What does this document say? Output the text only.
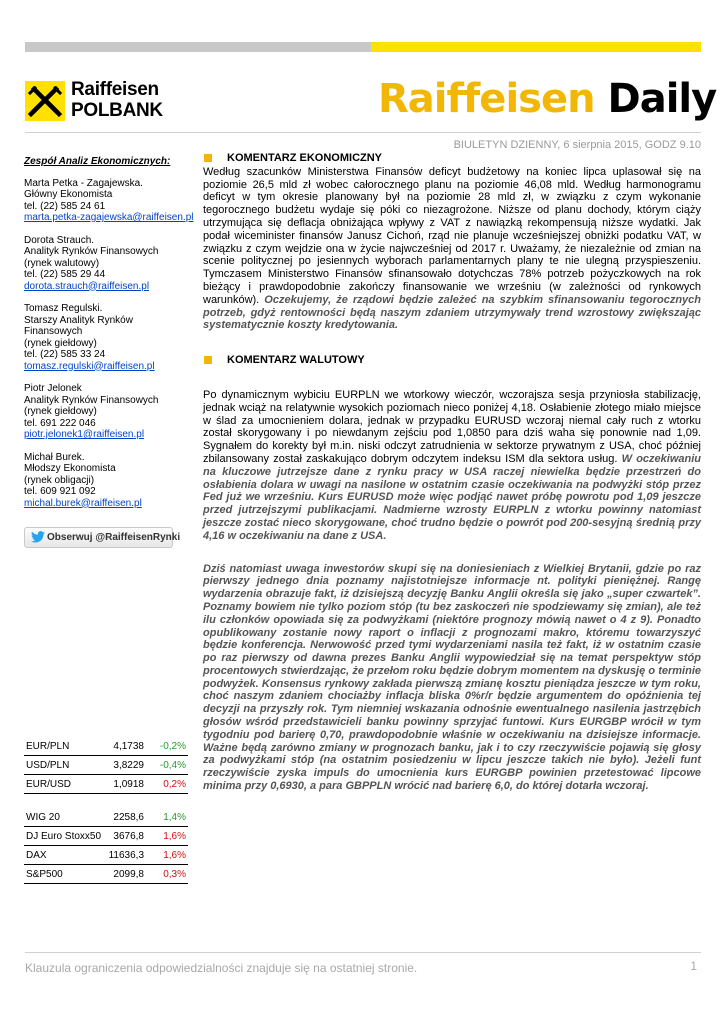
Raiffeisen
POLBANK	Raiffeisen Daily
BIULETYN DZIENNY, 6 sierpnia 2015, GODZ 9.10
Zespół Analiz Ekonomicznych:
Marta Petka - Zagajewska.
Główny Ekonomista
tel. (22) 585 24 61
marta.petka-zagajewska@raiffeisen.pl
Dorota Strauch.
Analityk Rynków Finansowych
(rynek walutowy)
tel. (22) 585 29 44
dorota.strauch@raiffeisen.pl
Tomasz Regulski.
Starszy Analityk Rynków Finansowych
(rynek giełdowy)
tel. (22) 585 33 24
tomasz.regulski@raiffeisen.pl
Piotr Jelonek
Analityk Rynków Finansowych
(rynek giełdowy)
tel. 691 222 046
piotr.jelonek1@raiffeisen.pl
Michał Burek.
Młodszy Ekonomista
(rynek obligacji)
tel. 609 921 092
michal.burek@raiffeisen.pl
Obserwuj @RaiffeisenRynki
EUR/PLN	4,1738 -0,2%
USD/PLN	3,8229 -0,4%
EUR/USD	1,0918 0,2%
WIG 20	2258,6 1,4%
DJ Euro Stoxx50 3676,8 1,6%
DAX	11636,3 1,6%
S&P500	2099,8 0,3%
KOMENTARZ EKONOMICZNY

Według szacunków Ministerstwa Finansów deficyt budżetowy na koniec lipca uplasował się na poziomie 26,5 mld zł wobec całorocznego planu na poziomie 46,08 mld. Według harmonogramu deficyt w tym okresie planowany był na poziomie 28 mld zł, w związku z czym wykonanie tegorocznego budżetu wydaje się póki co niezagrożone. Niższe od planu dochody, którym ciąży utrzymująca się deflacja obniżająca wpływy z VAT z nawiązką rekompensują niższe wydatki. Jak podał wiceminister finansów Janusz Cichoń, rząd nie planuje wcześniejszej obniżki podatku VAT, w związku z czym wejdzie ona w życie najwcześniej od 2017 r. Uważamy, że niezależnie od zmian na scenie politycznej po jesiennych wyborach parlamentarnych plany te nie ulegną przyspieszeniu. Tymczasem Ministerstwo Finansów sfinansowało dotychczas 78% potrzeb pożyczkowych na rok bieżący i prawdopodobnie zakończy finansowanie we wrześniu (w zależności od rynkowych warunków). Oczekujemy, że rządowi będzie zależeć na szybkim sfinansowaniu tegorocznych potrzeb, gdyż rentowności będą naszym zdaniem utrzymywały trend wzrostowy zwiększając systematycznie koszty kredytowania.

KOMENTARZ WALUTOWY

Po dynamicznym wybiciu EURPLN we wtorkowy wieczór, wczorajsza sesja przyniosła stabilizację, jednak wciąż na relatywnie wysokich poziomach nieco poniżej 4,18. Osłabienie złotego miało miejsce w ślad za umocnieniem dolara, jednak w przypadku EURUSD wczoraj niemal cały ruch z wtorku został skorygowany i po niewdanym zejściu pod 1,0850 para dziś waha się ponownie nad 1,09. Sygnałem do korekty był m.in. niski odczyt zatrudnienia w sektorze prywatnym z USA, choć później zbilansowany został zaskakująco dobrym odczytem indeksu ISM dla sektora usług. W oczekiwaniu na kluczowe jutrzejsze dane z rynku pracy w USA raczej niewielka będzie przestrzeń do osłabienia dolara w uwagi na nasilone w ostatnim czasie oczekiwania na podwyżki stóp przez Fed już we wrześniu. Kurs EURUSD może więc podjąć nawet próbę powrotu pod 1,09 jeszcze przed jutrzejszymi publikacjami. Nadmierne wzrosty EURPLN z wtorku powinny natomiast jeszcze zostać nieco skorygowane, choć trudno będzie o powrót pod 200-sesyjną średnią przy 4,16 w oczekiwaniu na dane z USA.

Dziś natomiast uwaga inwestorów skupi się na doniesieniach z Wielkiej Brytanii, gdzie po raz pierwszy jednego dnia poznamy najistotniejsze informacje nt. polityki pieniężnej. Rangę wydarzenia obrazuje fakt, iż dzisiejszą decyzję Banku Anglii określa się jako „super czwartek”. Poznamy bowiem nie tylko poziom stóp (tu bez zaskoczeń nie spodziewamy się zmian), ale też ilu członków opowiada się za podwyżkami (niektóre prognozy mówią nawet o 4 z 9). Ponadto opublikowany zostanie nowy raport o inflacji z prognozami makro, któremu towarzyszyć będzie konferencja. Nerwowość przed tymi wydarzeniami nasila też fakt, iż w ostatnim czasie po raz pierwszy od dawna prezes Banku Anglii wypowiedział się na temat perspektyw stóp procentowych stwierdzając, że przełom roku będzie dobrym momentem na dyskusję o terminie podwyżek. Konsensus rynkowy zakłada pierwszą zmianę kosztu pieniądza jeszcze w tym roku, choć naszym zdaniem chociażby inflacja bliska 0%r/r będzie argumentem do opóźnienia tej decyzji na przyszły rok. Tym niemniej wskazania odnośnie ewentualnego nasilenia jastrzębich głosów wśród przedstawicieli banku powinny sprzyjać funtowi. Kurs EURGBP wrócił w tym tygodniu pod barierę 0,70, prawdopodobnie właśnie w oczekiwaniu na dzisiejsze informacje. Ważne będą zarówno zmiany w prognozach banku, jak i to czy rzeczywiście pojawią się głosy za podwyżkami stóp (na ostatnim posiedzeniu w lipcu jeszcze takich nie było). Jeżeli funt rzeczywiście zyska impuls do umocnienia kurs EURGBP powinien przetestować lipcowe minima przy 0,6930, a para GBPPLN wrócić nad barierę 6,0, do której dotarła wczoraj.

Klauzula ograniczenia odpowiedzialności znajduje się na ostatniej stronie.	1
